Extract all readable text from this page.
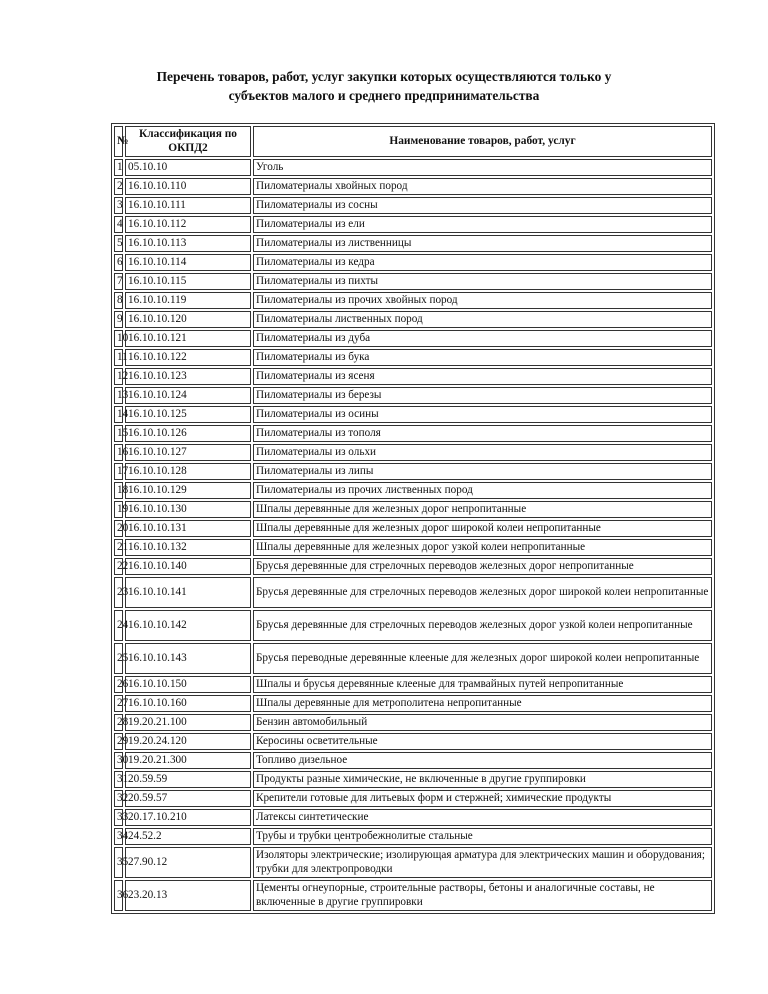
Перечень товаров, работ, услуг закупки которых осуществляются только у
субъектов малого и среднего предпринимательства
№	Классификация по ОКПД2	Наименование товаров, работ, услуг
1	05.10.10	Уголь
2	16.10.10.110	Пиломатериалы хвойных пород
3	16.10.10.111	Пиломатериалы из сосны
4	16.10.10.112	Пиломатериалы из ели
5	16.10.10.113	Пиломатериалы из лиственницы
6	16.10.10.114	Пиломатериалы из кедра
7	16.10.10.115	Пиломатериалы из пихты
8	16.10.10.119	Пиломатериалы из прочих хвойных пород
9	16.10.10.120	Пиломатериалы лиственных пород
10	16.10.10.121	Пиломатериалы из дуба
11	16.10.10.122	Пиломатериалы из бука
12	16.10.10.123	Пиломатериалы из ясеня
13	16.10.10.124	Пиломатериалы из березы
14	16.10.10.125	Пиломатериалы из осины
15	16.10.10.126	Пиломатериалы из тополя
16	16.10.10.127	Пиломатериалы из ольхи
17	16.10.10.128	Пиломатериалы из липы
18	16.10.10.129	Пиломатериалы из прочих лиственных пород
19	16.10.10.130	Шпалы деревянные для железных дорог непропитанные
20	16.10.10.131	Шпалы деревянные для железных дорог широкой колеи непропитанные
21	16.10.10.132	Шпалы деревянные для железных дорог узкой колеи непропитанные
22	16.10.10.140	Брусья деревянные для стрелочных переводов железных дорог непропитанные
23	16.10.10.141	Брусья деревянные для стрелочных переводов железных дорог широкой колеи непропитанные
24	16.10.10.142	Брусья деревянные для стрелочных переводов железных дорог узкой колеи непропитанные
25	16.10.10.143	Брусья переводные деревянные клееные для железных дорог широкой колеи непропитанные
26	16.10.10.150	Шпалы и брусья деревянные клееные для трамвайных путей непропитанные
27	16.10.10.160	Шпалы деревянные для метрополитена непропитанные
28	19.20.21.100	Бензин автомобильный
29	19.20.24.120	Керосины осветительные
30	19.20.21.300	Топливо дизельное
31	20.59.59	Продукты разные химические, не включенные в другие группировки
32	20.59.57	Крепители готовые для литьевых форм и стержней; химические продукты
33	20.17.10.210	Латексы синтетические
34	24.52.2	Трубы и трубки центробежнолитые стальные
35	27.90.12	Изоляторы электрические; изолирующая арматура для электрических машин и оборудования; трубки для электропроводки
36	23.20.13	Цементы огнеупорные, строительные растворы, бетоны и аналогичные составы, не включенные в другие группировки
